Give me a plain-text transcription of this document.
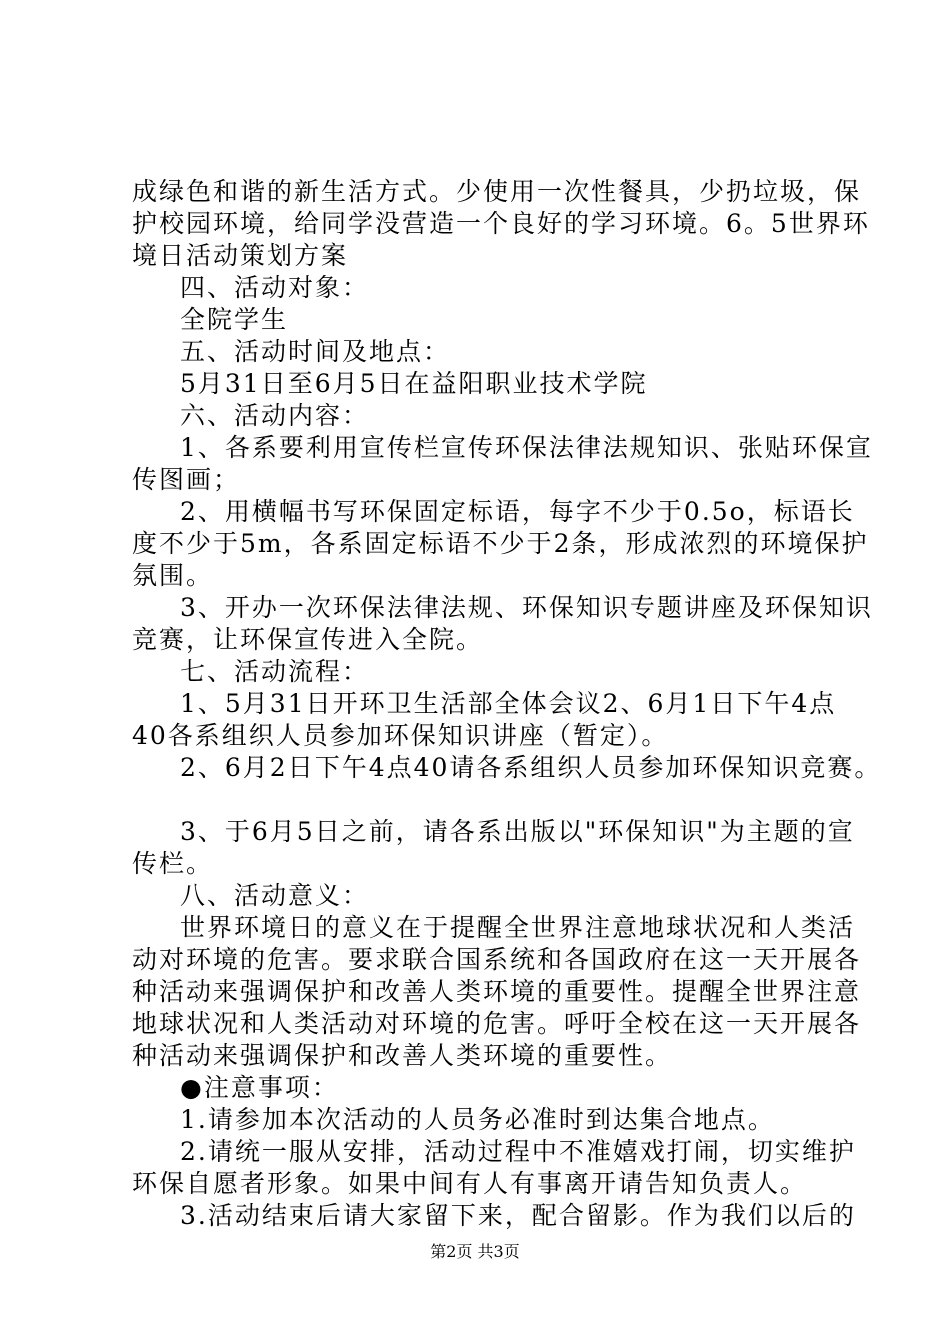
成绿色和谐的新生活方式。少使用一次性餐具，少扔垃圾，保
护校园环境，给同学没营造一个良好的学习环境。6。5世界环
境日活动策划方案
四、活动对象：
全院学生
五、活动时间及地点：
5月31日至6月5日在益阳职业技术学院
六、活动内容：
1、各系要利用宣传栏宣传环保法律法规知识、张贴环保宣
传图画；
2、用横幅书写环保固定标语，每字不少于0.5o，标语长
度不少于5m，各系固定标语不少于2条，形成浓烈的环境保护
氛围。
3、开办一次环保法律法规、环保知识专题讲座及环保知识
竞赛，让环保宣传进入全院。
七、活动流程：
1、5月31日开环卫生活部全体会议2、6月1日下午4点
40各系组织人员参加环保知识讲座（暂定）。
2、6月2日下午4点40请各系组织人员参加环保知识竞赛。
3、于6月5日之前，请各系出版以"环保知识"为主题的宣
传栏。
八、活动意义：
世界环境日的意义在于提醒全世界注意地球状况和人类活
动对环境的危害。要求联合国系统和各国政府在这一天开展各
种活动来强调保护和改善人类环境的重要性。提醒全世界注意
地球状况和人类活动对环境的危害。呼吁全校在这一天开展各
种活动来强调保护和改善人类环境的重要性。
●注意事项：
1.请参加本次活动的人员务必准时到达集合地点。
2.请统一服从安排，活动过程中不准嬉戏打闹，切实维护
环保自愿者形象。如果中间有人有事离开请告知负责人。
3.活动结束后请大家留下来，配合留影。作为我们以后的
第2页 共3页
